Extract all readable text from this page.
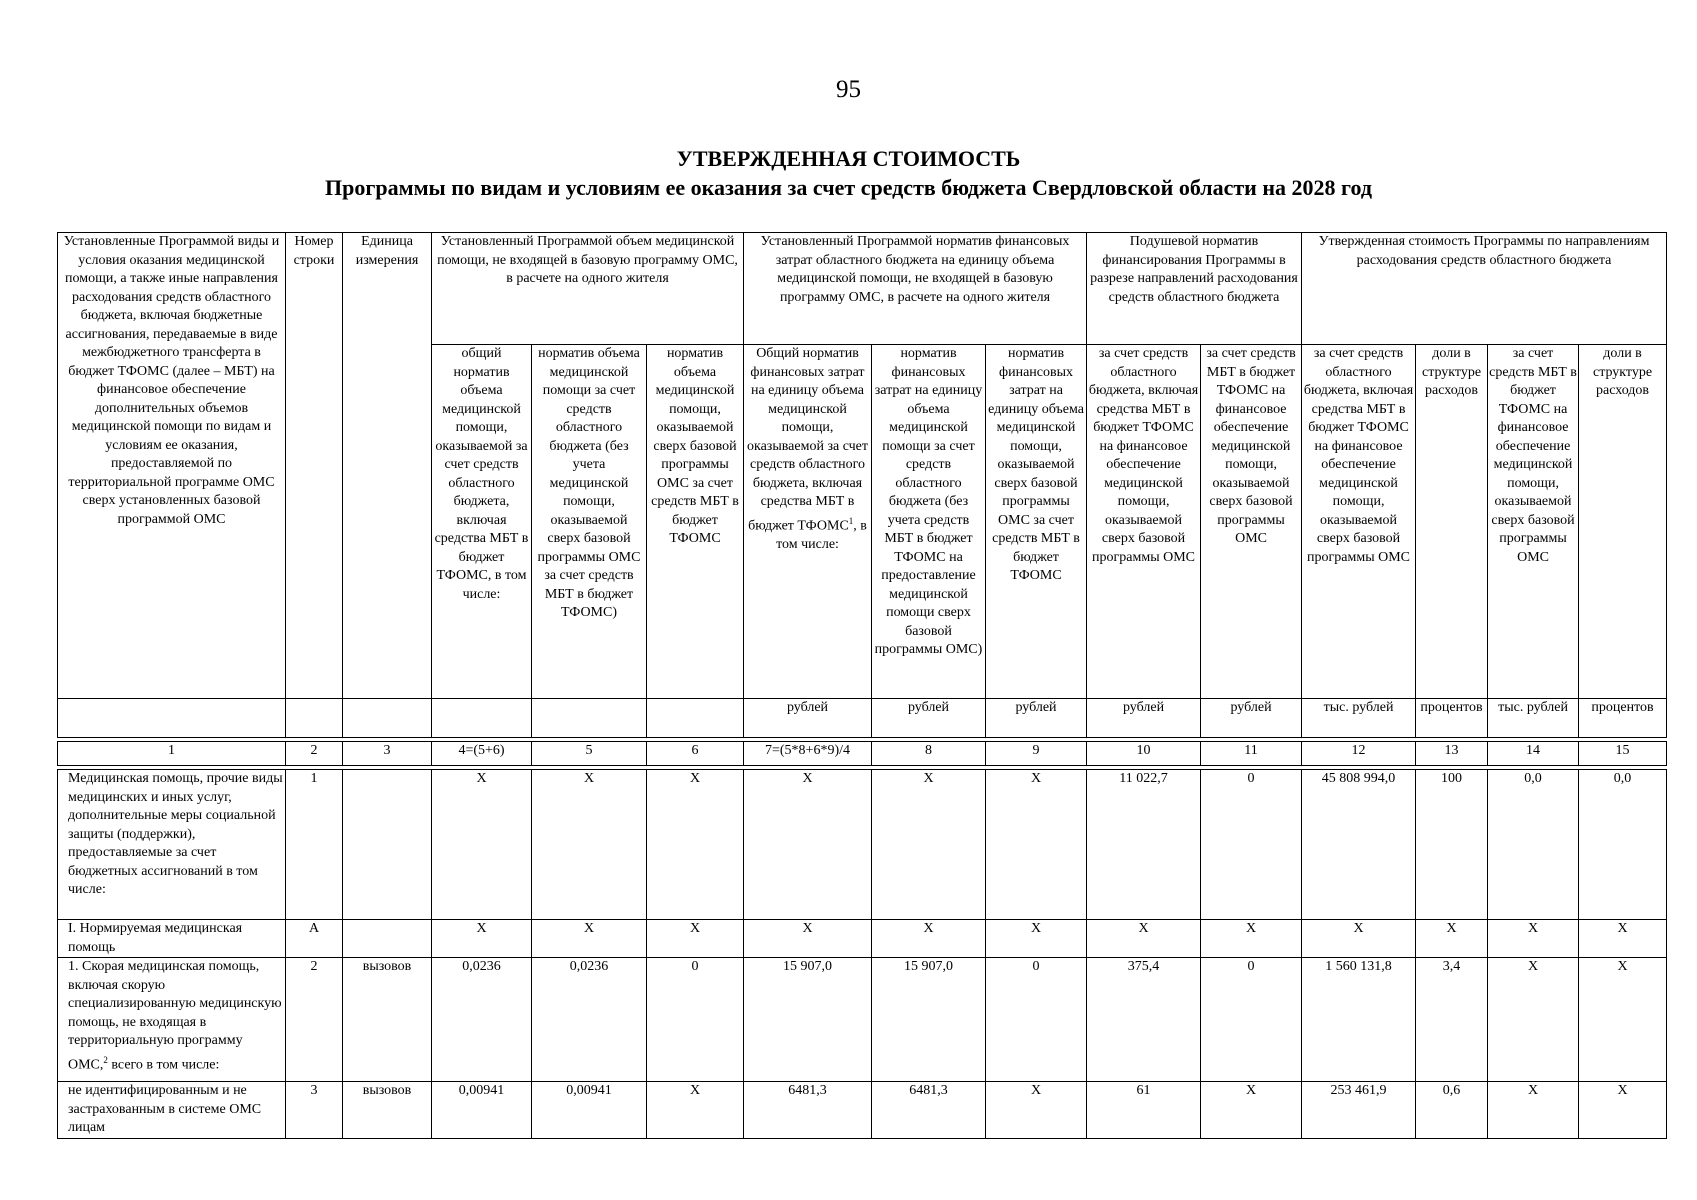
95
УТВЕРЖДЕННАЯ СТОИМОСТЬ
Программы по видам и условиям ее оказания за счет средств бюджета Свердловской области на 2028 год
Установленные Программой виды и условия оказания медицинской помощи, а также иные направления расходования средств областного бюджета, включая бюджетные ассигнования, передаваемые в виде межбюджетного трансферта в бюджет ТФОМС (далее – МБТ) на финансовое обеспечение дополнительных объемов медицинской помощи по видам и условиям ее оказания, предоставляемой по территориальной программе ОМС сверх установленных базовой программой ОМС	Номер строки	Единица измерения	Установленный Программой объем медицинской помощи, не входящей в базовую программу ОМС, в расчете на одного жителя			Установленный Программой норматив финансовых затрат областного бюджета на единицу объема медицинской помощи, не входящей в базовую программу ОМС, в расчете на одного жителя			Подушевой норматив финансирования Программы в разрезе направлений расходования средств областного бюджета		Утвержденная стоимость Программы по направлениям расходования средств областного бюджета			
			общий норматив объема медицинской помощи, оказываемой за счет средств областного бюджета, включая средства МБТ в бюджет ТФОМС, в том числе:	норматив объема медицинской помощи за счет средств областного бюджета (без учета медицинской помощи, оказываемой сверх базовой программы ОМС за счет средств МБТ в бюджет ТФОМС)	норматив объема медицинской помощи, оказываемой сверх базовой программы ОМС за счет средств МБТ в бюджет ТФОМС	Общий норматив финансовых затрат на единицу объема медицинской помощи, оказываемой за счет средств областного бюджета, включая средства МБТ в бюджет ТФОМС$^1$, в том числе:	норматив финансовых затрат на единицу объема медицинской помощи за счет средств областного бюджета (без учета средств МБТ в бюджет ТФОМС на предоставление медицинской помощи сверх базовой программы ОМС)	норматив финансовых затрат на единицу объема медицинской помощи, оказываемой сверх базовой программы ОМС за счет средств МБТ в бюджет ТФОМС	за счет средств областного бюджета, включая средства МБТ в бюджет ТФОМС на финансовое обеспечение медицинской помощи, оказываемой сверх базовой программы ОМС	за счет средств МБТ в бюджет ТФОМС на финансовое обеспечение медицинской помощи, оказываемой сверх базовой программы ОМС	за счет средств областного бюджета, включая средства МБТ в бюджет ТФОМС на финансовое обеспечение медицинской помощи, оказываемой сверх базовой программы ОМС	доли в структуре расходов	за счет средств МБТ в бюджет ТФОМС на финансовое обеспечение медицинской помощи, оказываемой сверх базовой программы ОМС	доли в структуре расходов
						рублей	рублей	рублей	рублей	рублей	тыс. рублей	процентов	тыс. рублей	процентов

1	2	3	4=(5+6)	5	6	7=(5*8+6*9)/4	8	9	10	11	12	13	14	15

Медицинская помощь, прочие виды медицинских и иных услуг, дополнительные меры социальной защиты (поддержки), предоставляемые за счет бюджетных ассигнований в том числе:	1		X	X	X	X	X	X	11 022,7	0	45 808 994,0	100	0,0	0,0
I. Нормируемая медицинская помощь	А		X	X	X	X	X	X	X	X	X	X	X	X
1. Скорая медицинская помощь, включая скорую специализированную медицинскую помощь, не входящая в территориальную программу ОМС,$^2$ всего в том числе:	2	вызовов	0,0236	0,0236	0	15 907,0	15 907,0	0	375,4	0	1 560 131,8	3,4	X	X
не идентифицированным и не застрахованным в системе ОМС лицам	3	вызовов	0,00941	0,00941	X	6481,3	6481,3	X	61	X	253 461,9	0,6	X	X
